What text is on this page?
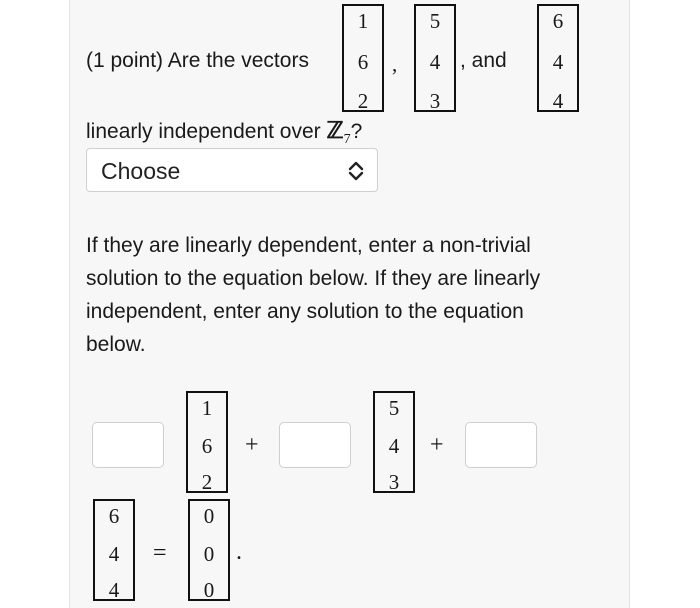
(1 point) Are the vectors
1
6
2
,
5
4
3
, and
6
4
4
linearly independent over ℤ$_7$?
Choose
If they are linearly dependent, enter a non-trivial
solution to the equation below. If they are linearly
independent, enter any solution to the equation
below.
1
6
2
+
5
4
3
+
6
4
4
=
0
0
0
.
